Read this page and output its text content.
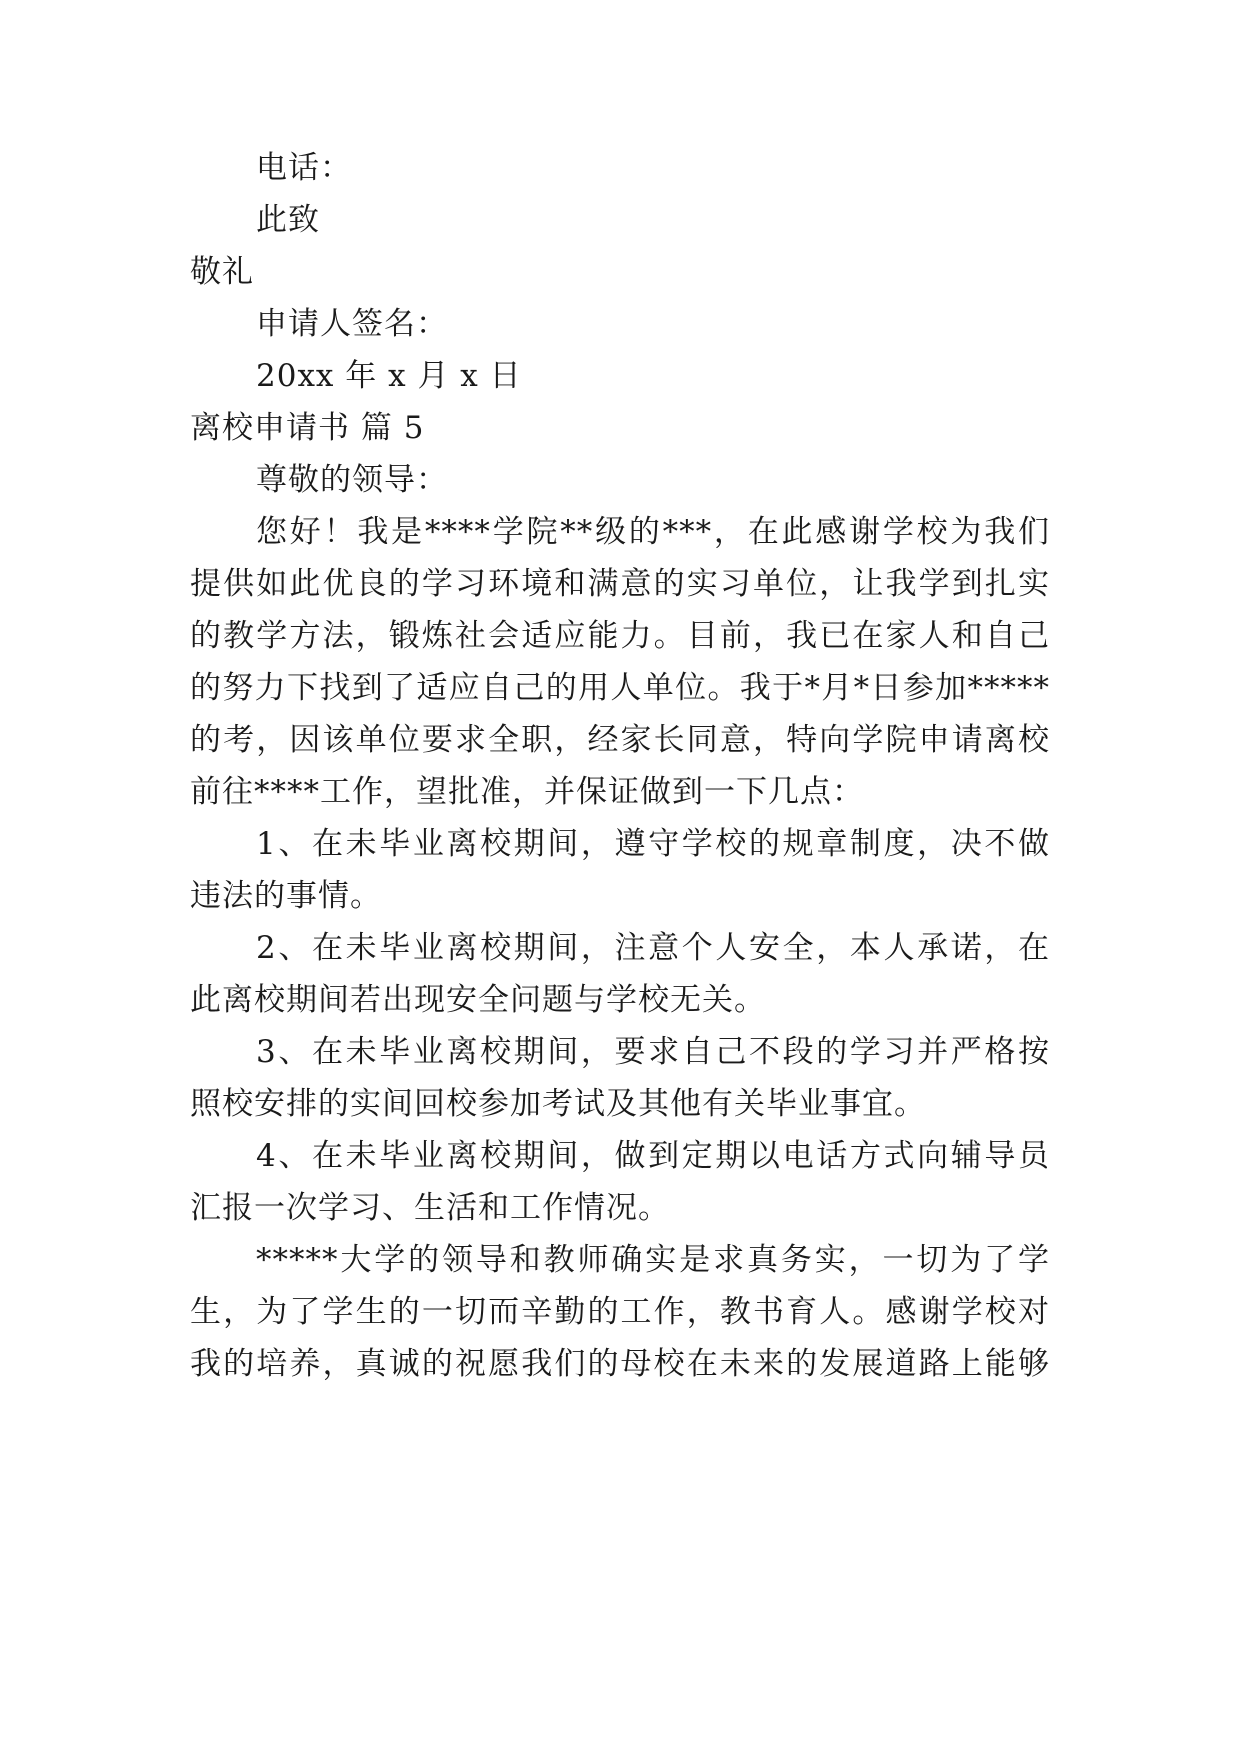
电话：
此致
敬礼
申请人签名：
20xx 年 x 月 x 日
离校申请书 篇 5
尊敬的领导：
您好！我是****学院**级的***，在此感谢学校为我们
提供如此优良的学习环境和满意的实习单位，让我学到扎实
的教学方法，锻炼社会适应能力。目前，我已在家人和自己
的努力下找到了适应自己的用人单位。我于*月*日参加*****
的考，因该单位要求全职，经家长同意，特向学院申请离校
前往****工作，望批准，并保证做到一下几点：
1、在未毕业离校期间，遵守学校的规章制度，决不做
违法的事情。
2、在未毕业离校期间，注意个人安全，本人承诺，在
此离校期间若出现安全问题与学校无关。
3、在未毕业离校期间，要求自己不段的学习并严格按
照校安排的实间回校参加考试及其他有关毕业事宜。
4、在未毕业离校期间，做到定期以电话方式向辅导员
汇报一次学习、生活和工作情况。
*****大学的领导和教师确实是求真务实，一切为了学
生，为了学生的一切而辛勤的工作，教书育人。感谢学校对
我的培养，真诚的祝愿我们的母校在未来的发展道路上能够
